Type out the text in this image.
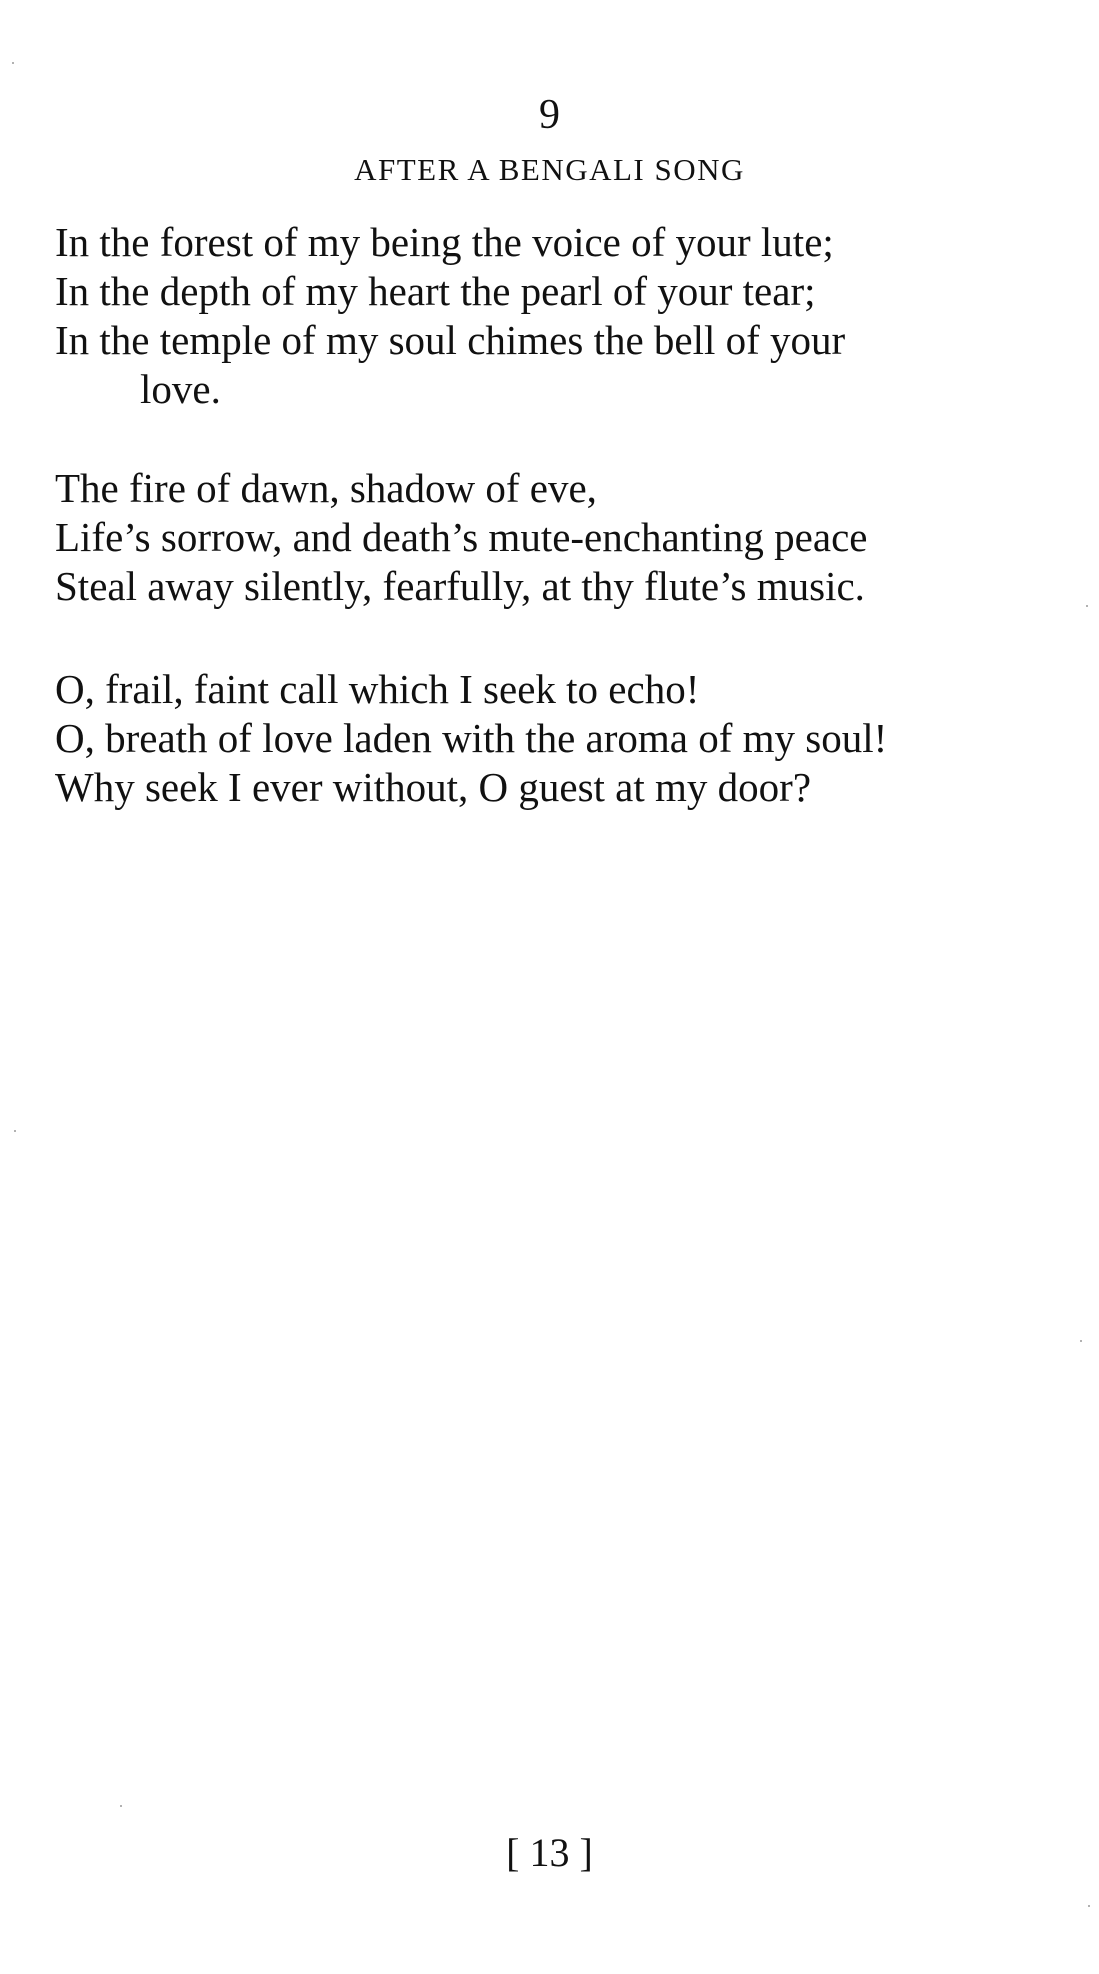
9
AFTER A BENGALI SONG
In the forest of my being the voice of your lute;
In the depth of my heart the pearl of your tear;
In the temple of my soul chimes the bell of your
love.
The fire of dawn, shadow of eve,
Life’s sorrow, and death’s mute-enchanting peace
Steal away silently, fearfully, at thy flute’s music.
O, frail, faint call which I seek to echo!
O, breath of love laden with the aroma of my soul!
Why seek I ever without, O guest at my door?
[ 13 ]
